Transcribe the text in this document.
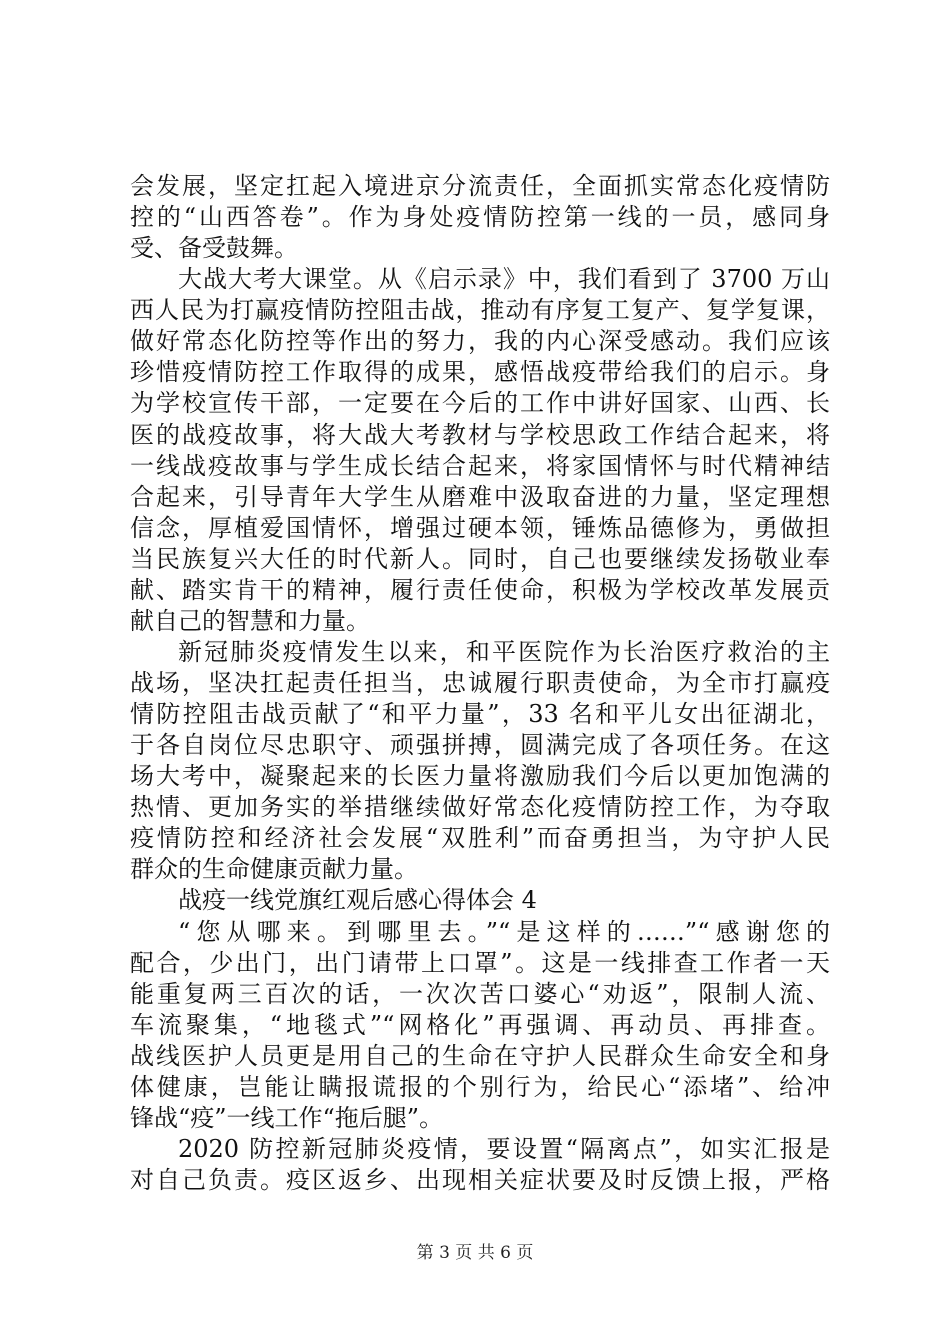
会发展，坚定扛起入境进京分流责任，全面抓实常态化疫情防
控的“山西答卷”。作为身处疫情防控第一线的一员，感同身
受、备受鼓舞。
大战大考大课堂。从《启示录》中，我们看到了 3700 万山
西人民为打赢疫情防控阻击战，推动有序复工复产、复学复课，
做好常态化防控等作出的努力，我的内心深受感动。我们应该
珍惜疫情防控工作取得的成果，感悟战疫带给我们的启示。身
为学校宣传干部，一定要在今后的工作中讲好国家、山西、长
医的战疫故事，将大战大考教材与学校思政工作结合起来，将
一线战疫故事与学生成长结合起来，将家国情怀与时代精神结
合起来，引导青年大学生从磨难中汲取奋进的力量，坚定理想
信念，厚植爱国情怀，增强过硬本领，锤炼品德修为，勇做担
当民族复兴大任的时代新人。同时，自己也要继续发扬敬业奉
献、踏实肯干的精神，履行责任使命，积极为学校改革发展贡
献自己的智慧和力量。
新冠肺炎疫情发生以来，和平医院作为长治医疗救治的主
战场，坚决扛起责任担当，忠诚履行职责使命，为全市打赢疫
情防控阻击战贡献了“和平力量”，33 名和平儿女出征湖北，
于各自岗位尽忠职守、顽强拼搏，圆满完成了各项任务。在这
场大考中，凝聚起来的长医力量将激励我们今后以更加饱满的
热情、更加务实的举措继续做好常态化疫情防控工作，为夺取
疫情防控和经济社会发展“双胜利”而奋勇担当，为守护人民
群众的生命健康贡献力量。
战疫一线党旗红观后感心得体会 4
“您从哪来。到哪里去。”“是这样的……”“感谢您的
配合，少出门，出门请带上口罩”。这是一线排查工作者一天
能重复两三百次的话，一次次苦口婆心“劝返”，限制人流、
车流聚集，“地毯式”“网格化”再强调、再动员、再排查。
战线医护人员更是用自己的生命在守护人民群众生命安全和身
体健康，岂能让瞒报谎报的个别行为，给民心“添堵”、给冲
锋战“疫”一线工作“拖后腿”。
2020 防控新冠肺炎疫情，要设置“隔离点”，如实汇报是
对自己负责。疫区返乡、出现相关症状要及时反馈上报，严格
第 3 页 共 6 页
